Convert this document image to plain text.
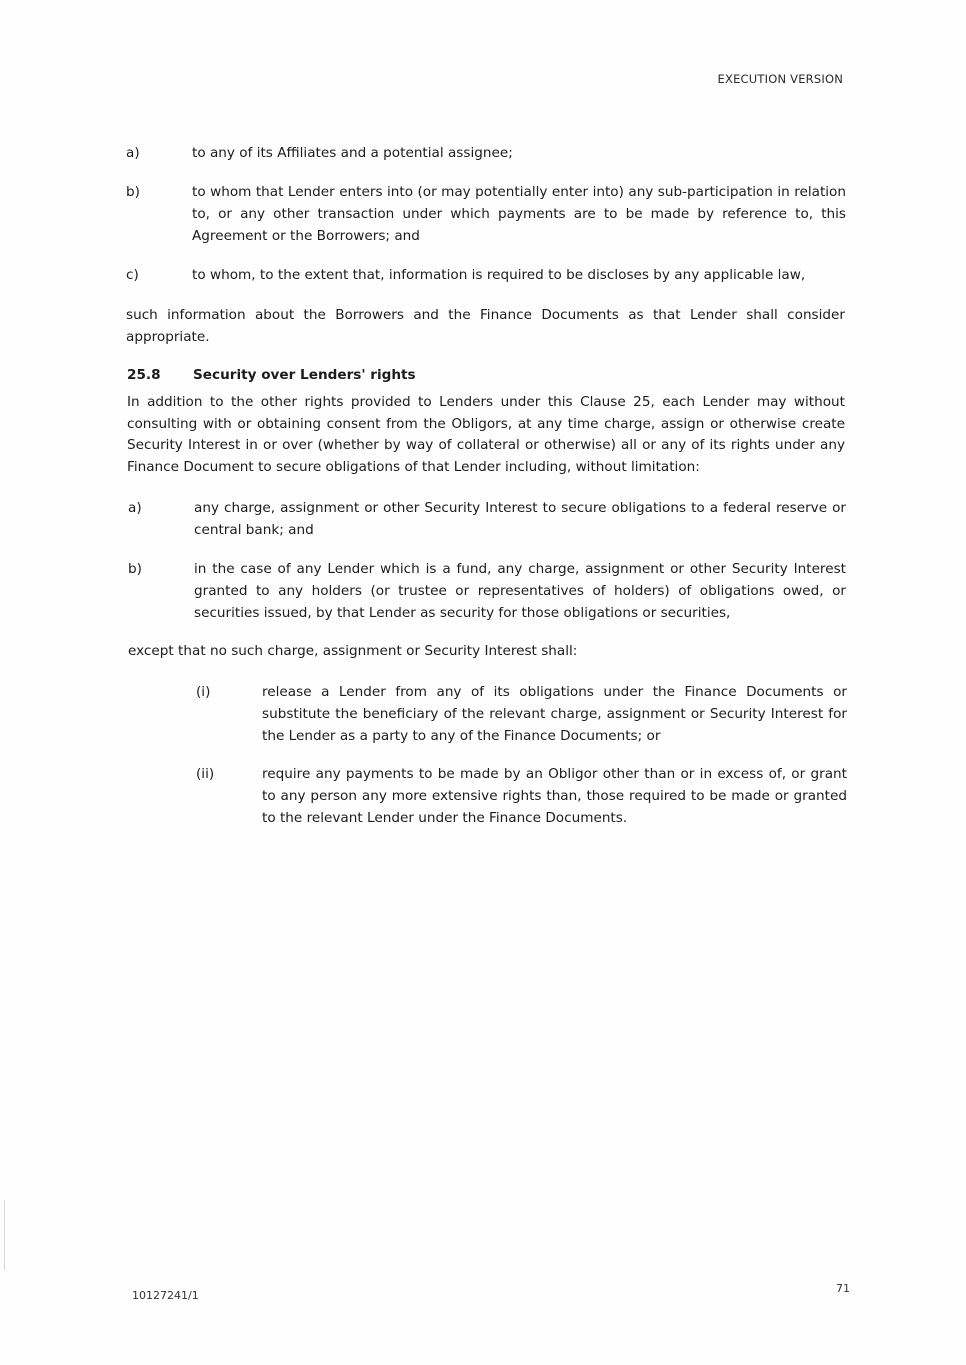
EXECUTION VERSION
a)	to any of its Affiliates and a potential assignee;
b)	to whom that Lender enters into (or may potentially enter into) any sub-participation in relation to, or any other transaction under which payments are to be made by reference to, this Agreement or the Borrowers; and
c)	to whom, to the extent that, information is required to be discloses by any applicable law,
such information about the Borrowers and the Finance Documents as that Lender shall consider appropriate.
25.8 Security over Lenders' rights
In addition to the other rights provided to Lenders under this Clause 25, each Lender may without consulting with or obtaining consent from the Obligors, at any time charge, assign or otherwise create Security Interest in or over (whether by way of collateral or otherwise) all or any of its rights under any Finance Document to secure obligations of that Lender including, without limitation:
a)	any charge, assignment or other Security Interest to secure obligations to a federal reserve or central bank; and
b)	in the case of any Lender which is a fund, any charge, assignment or other Security Interest granted to any holders (or trustee or representatives of holders) of obligations owed, or securities issued, by that Lender as security for those obligations or securities,
except that no such charge, assignment or Security Interest shall:
(i)	release a Lender from any of its obligations under the Finance Documents or substitute the beneficiary of the relevant charge, assignment or Security Interest for the Lender as a party to any of the Finance Documents; or
(ii)	require any payments to be made by an Obligor other than or in excess of, or grant to any person any more extensive rights than, those required to be made or granted to the relevant Lender under the Finance Documents.
10127241/1
71
